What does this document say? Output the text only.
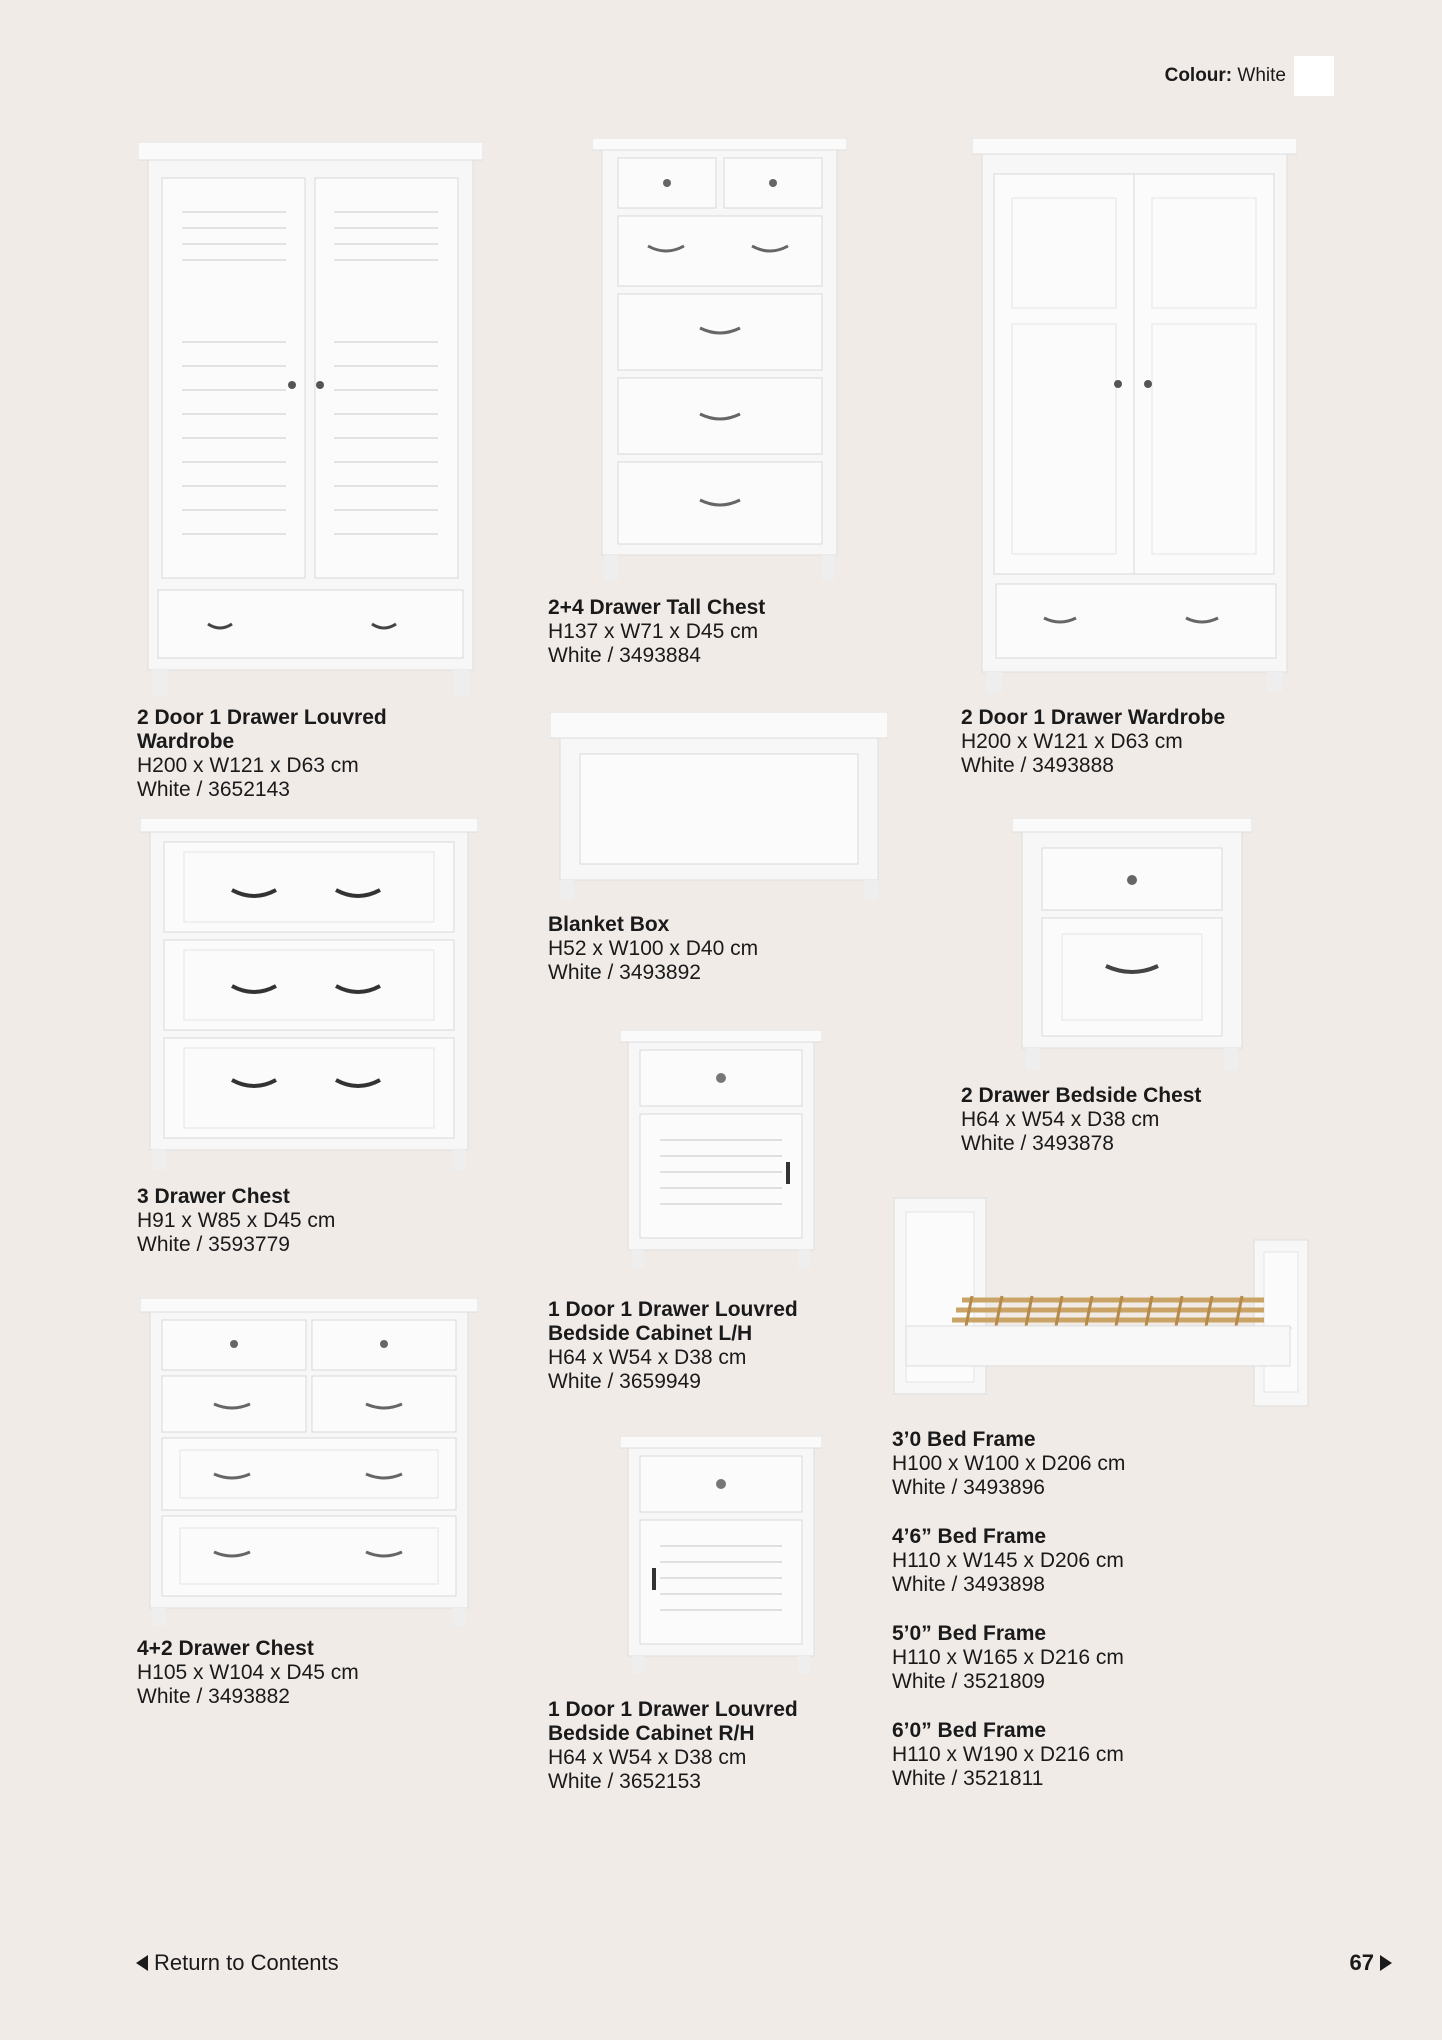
Colour: White
2 Door 1 Drawer Louvred Wardrobe
H200 x W121 x D63 cm
White / 3652143
2+4 Drawer Tall Chest
H137 x W71 x D45 cm
White / 3493884
2 Door 1 Drawer Wardrobe
H200 x W121 x D63 cm
White / 3493888
Blanket Box
H52 x W100 x D40 cm
White / 3493892
3 Drawer Chest
H91 x W85 x D45 cm
White / 3593779
2 Drawer Bedside Chest
H64 x W54 x D38 cm
White / 3493878
1 Door 1 Drawer Louvred Bedside Cabinet L/H
H64 x W54 x D38 cm
White / 3659949
4+2 Drawer Chest
H105 x W104 x D45 cm
White / 3493882
1 Door 1 Drawer Louvred Bedside Cabinet R/H
H64 x W54 x D38 cm
White / 3652153
3’0 Bed Frame
H100 x W100 x D206 cm
White / 3493896
4’6” Bed Frame
H110 x W145 x D206 cm
White / 3493898
5’0” Bed Frame
H110 x W165 x D216 cm
White / 3521809
6’0” Bed Frame
H110 x W190 x D216 cm
White / 3521811
Return to Contents	67
